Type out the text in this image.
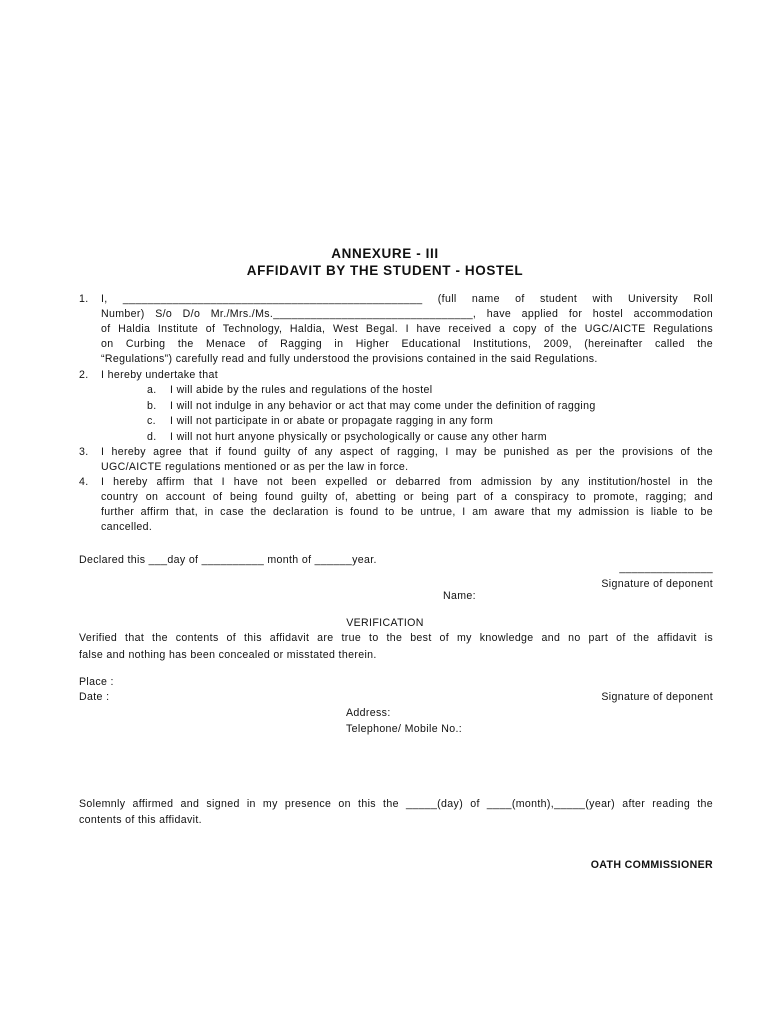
ANNEXURE - III
AFFIDAVIT BY THE STUDENT - HOSTEL
1.	I, ________________________________________________ (full name of student with University Roll
Number) S/o D/o Mr./Mrs./Ms.________________________________, have applied for hostel accommodation
of Haldia Institute of Technology, Haldia, West Begal. I have received a copy of the UGC/AICTE Regulations
on Curbing the Menace of Ragging in Higher Educational Institutions, 2009, (hereinafter called the
“Regulations”) carefully read and fully understood the provisions contained in the said Regulations.
2.	I hereby undertake that
a.	I will abide by the rules and regulations of the hostel
b.	I will not indulge in any behavior or act that may come under the definition of ragging
c.	I will not participate in or abate or propagate ragging in any form
d.	I will not hurt anyone physically or psychologically or cause any other harm
3.	I hereby agree that if found guilty of any aspect of ragging, I may be punished as per the provisions of the
UGC/AICTE regulations mentioned or as per the law in force.
4.	I hereby affirm that I have not been expelled or debarred from admission by any institution/hostel in the
country on account of being found guilty of, abetting or being part of a conspiracy to promote, ragging; and
further affirm that, in case the declaration is found to be untrue, I am aware that my admission is liable to be
cancelled.
Declared this ___day of __________ month of ______year.
_______________
Signature of deponent
Name:
VERIFICATION
Verified that the contents of this affidavit are true to the best of my knowledge and no part of the affidavit is
false and nothing has been concealed or misstated therein.
Place :
Date :	Signature of deponent
Address:
Telephone/ Mobile No.:
Solemnly affirmed and signed in my presence on this the _____(day) of ____(month),_____(year) after reading the
contents of this affidavit.
OATH COMMISSIONER
